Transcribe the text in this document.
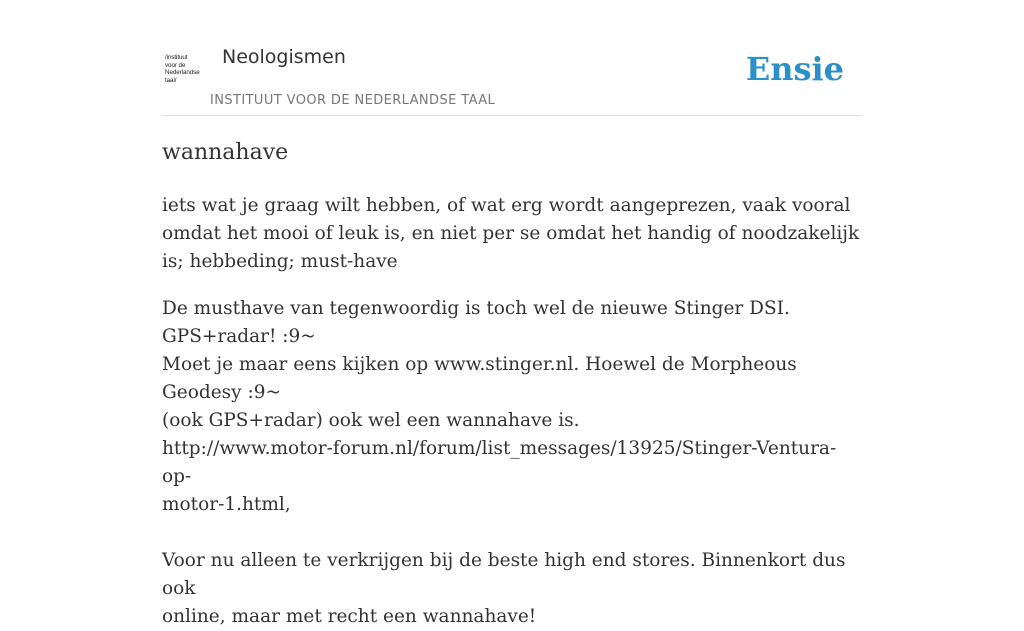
/instituut
voor de
Nederlandse
taal/
Neologismen
INSTITUUT VOOR DE NEDERLANDSE TAAL
Ensie
wannahave

iets wat je graag wilt hebben, of wat erg wordt aangeprezen, vaak vooral omdat het mooi of leuk is, en niet per se omdat het handig of noodzakelijk is; hebbeding; must-have

De musthave van tegenwoordig is toch wel de nieuwe Stinger DSI. GPS+radar! :9~
Moet je maar eens kijken op www.stinger.nl. Hoewel de Morpheous Geodesy :9~
(ook GPS+radar) ook wel een wannahave is.
http://www.motor-forum.nl/forum/list_messages/13925/Stinger-Ventura-op-
motor-1.html,
Voor nu alleen te verkrijgen bij de beste high end stores. Binnenkort dus ook
online, maar met recht een wannahave!
